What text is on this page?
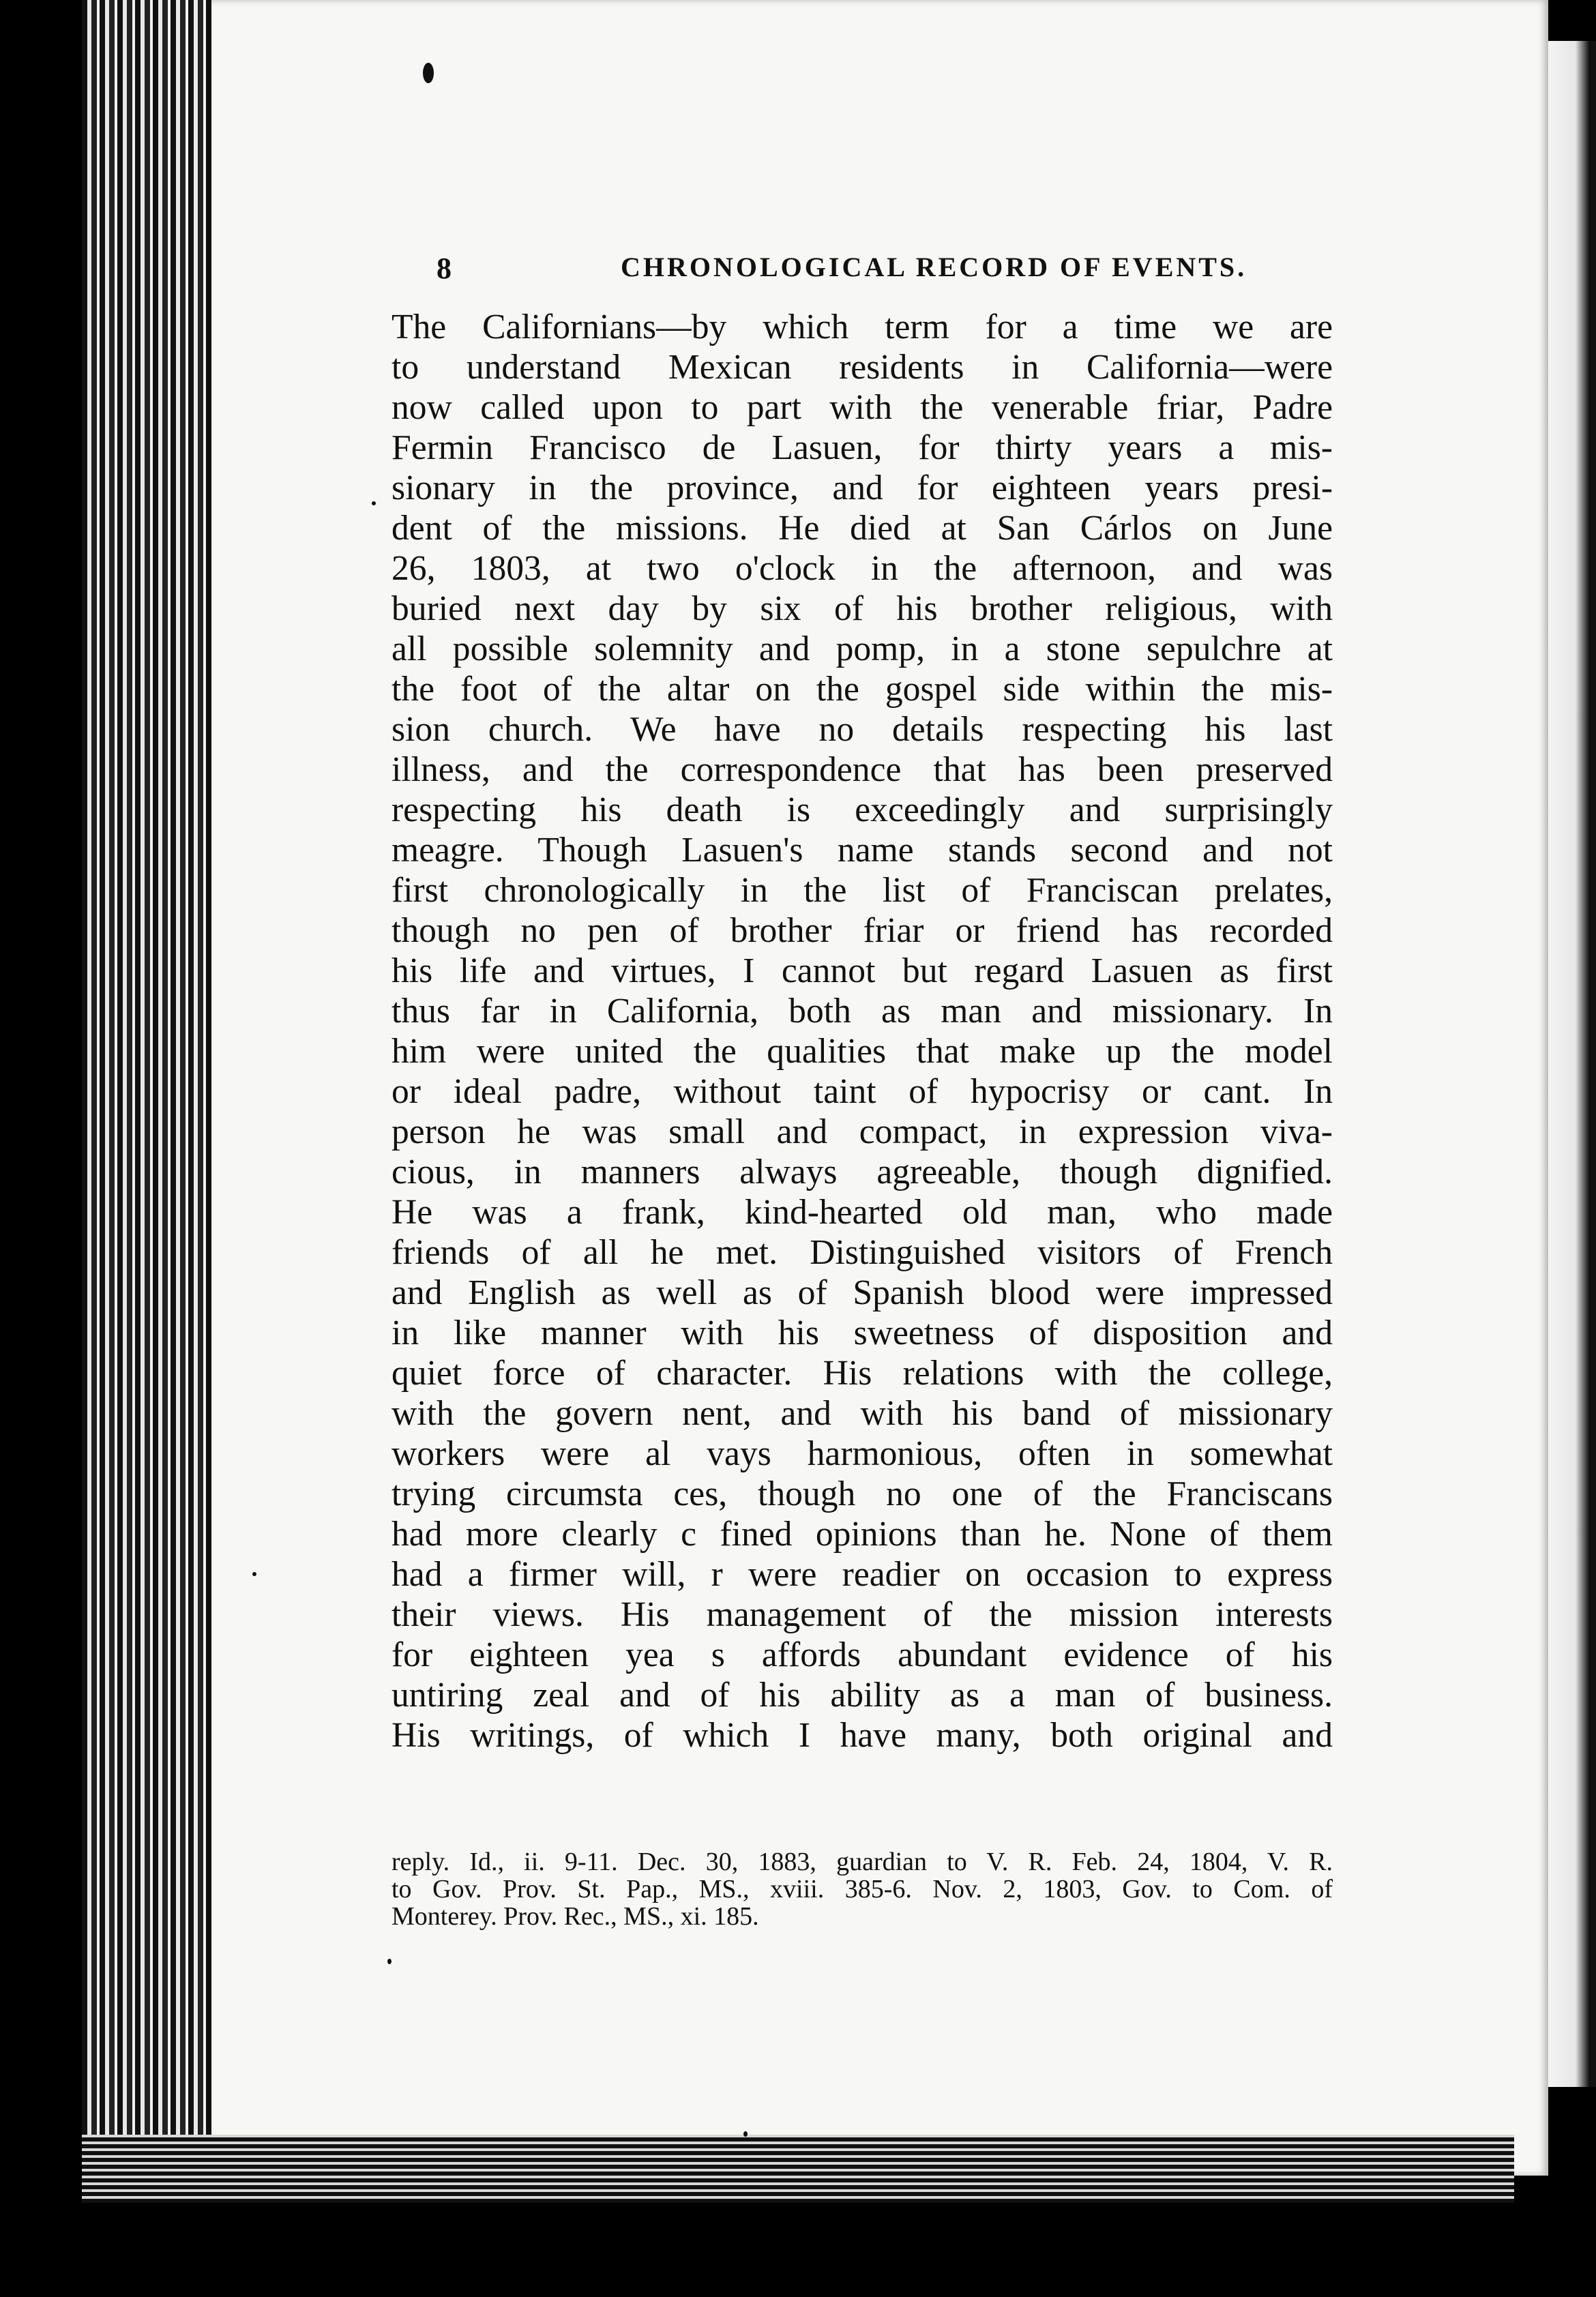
8	CHRONOLOGICAL RECORD OF EVENTS.
The Californians—by which term for a time we are
to understand Mexican residents in California—were
now called upon to part with the venerable friar, Padre
Fermin Francisco de Lasuen, for thirty years a mis-
sionary in the province, and for eighteen years presi-
dent of the missions. He died at San Cárlos on June
26, 1803, at two o'clock in the afternoon, and was
buried next day by six of his brother religious, with
all possible solemnity and pomp, in a stone sepulchre at
the foot of the altar on the gospel side within the mis-
sion church. We have no details respecting his last
illness, and the correspondence that has been preserved
respecting his death is exceedingly and surprisingly
meagre. Though Lasuen's name stands second and not
first chronologically in the list of Franciscan prelates,
though no pen of brother friar or friend has recorded
his life and virtues, I cannot but regard Lasuen as first
thus far in California, both as man and missionary. In
him were united the qualities that make up the model
or ideal padre, without taint of hypocrisy or cant. In
person he was small and compact, in expression viva-
cious, in manners always agreeable, though dignified.
He was a frank, kind-hearted old man, who made
friends of all he met. Distinguished visitors of French
and English as well as of Spanish blood were impressed
in like manner with his sweetness of disposition and
quiet force of character. His relations with the college,
with the govern nent, and with his band of missionary
workers were al vays harmonious, often in somewhat
trying circumsta ces, though no one of the Franciscans
had more clearly c fined opinions than he. None of them
had a firmer will, r were readier on occasion to express
their views. His management of the mission interests
for eighteen yea s affords abundant evidence of his
untiring zeal and of his ability as a man of business.
His writings, of which I have many, both original and
reply. Id., ii. 9-11. Dec. 30, 1883, guardian to V. R. Feb. 24, 1804, V. R.
to Gov. Prov. St. Pap., MS., xviii. 385-6. Nov. 2, 1803, Gov. to Com. of
Monterey. Prov. Rec., MS., xi. 185.
